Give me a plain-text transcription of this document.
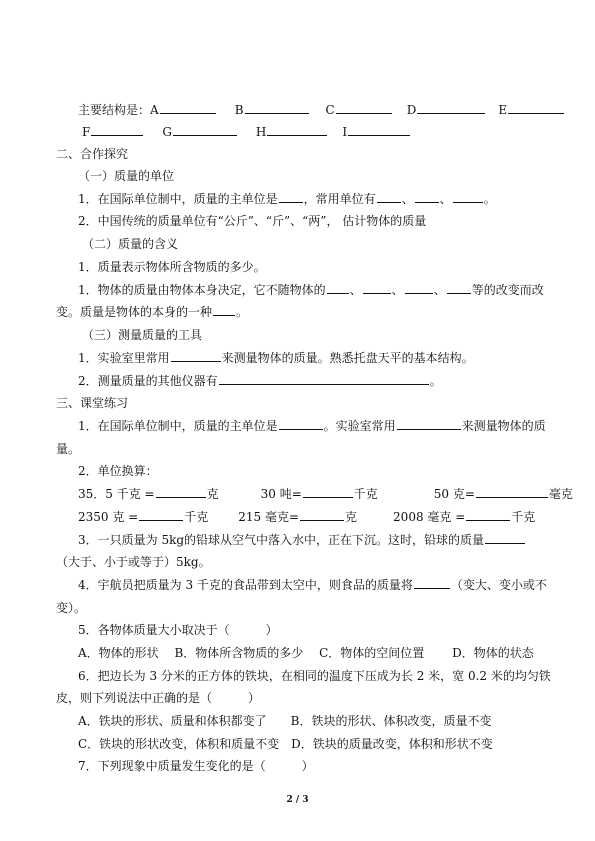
主要结构是：A	B	C	D	E
F	G	H	I
二、合作探究
（一）质量的单位
1．在国际单位制中，质量的主单位是 ，常用单位有 、 、	。
2．中国传统的质量单位有“公斤”、“斤”、“两”， 估计物体的质量
（二）质量的含义
1．质量表示物体所含物质的多少。
1．物体的质量由物体本身决定，它不随物体的 、	、	、 等的改变而改
变。质量是物体的本身的一种 。
（三）测量质量的工具
1．实验室里常用	来测量物体的质量。熟悉托盘天平的基本结构。
2．测量质量的其他仪器有	。
三、课堂练习
1．在国际单位制中，质量的主单位是	。实验室常用	来测量物体的质
量。
2．单位换算：
35．5 千克 =	克	30 吨=	千克	50 克=	毫克
2350 克 =	千克	215 毫克=	克	2008 毫克 =	千克
3．一只质量为 5kg的铅球从空气中落入水中，正在下沉。这时，铅球的质量
（大于、小于或等于）5kg。
4．宇航员把质量为 3 千克的食品带到太空中，则食品的质量将	（变大、变小或不
变）。
5．各物体质量大小取决于（　　　）
A．物体的形状　 B．物体所含物质的多少　 C．物体的空间位置　　 D．物体的状态
6．把边长为 3 分米的正方体的铁块，在相同的温度下压成为长 2 米，宽 0.2 米的均匀铁
皮，则下列说法中正确的是（　　　）
A．铁块的形状、质量和体积都变了　　B．铁块的形状、体积改变，质量不变
C．铁块的形状改变，体积和质量不变　D．铁块的质量改变，体积和形状不变
7．下列现象中质量发生变化的是（　　　）
2 / 3
